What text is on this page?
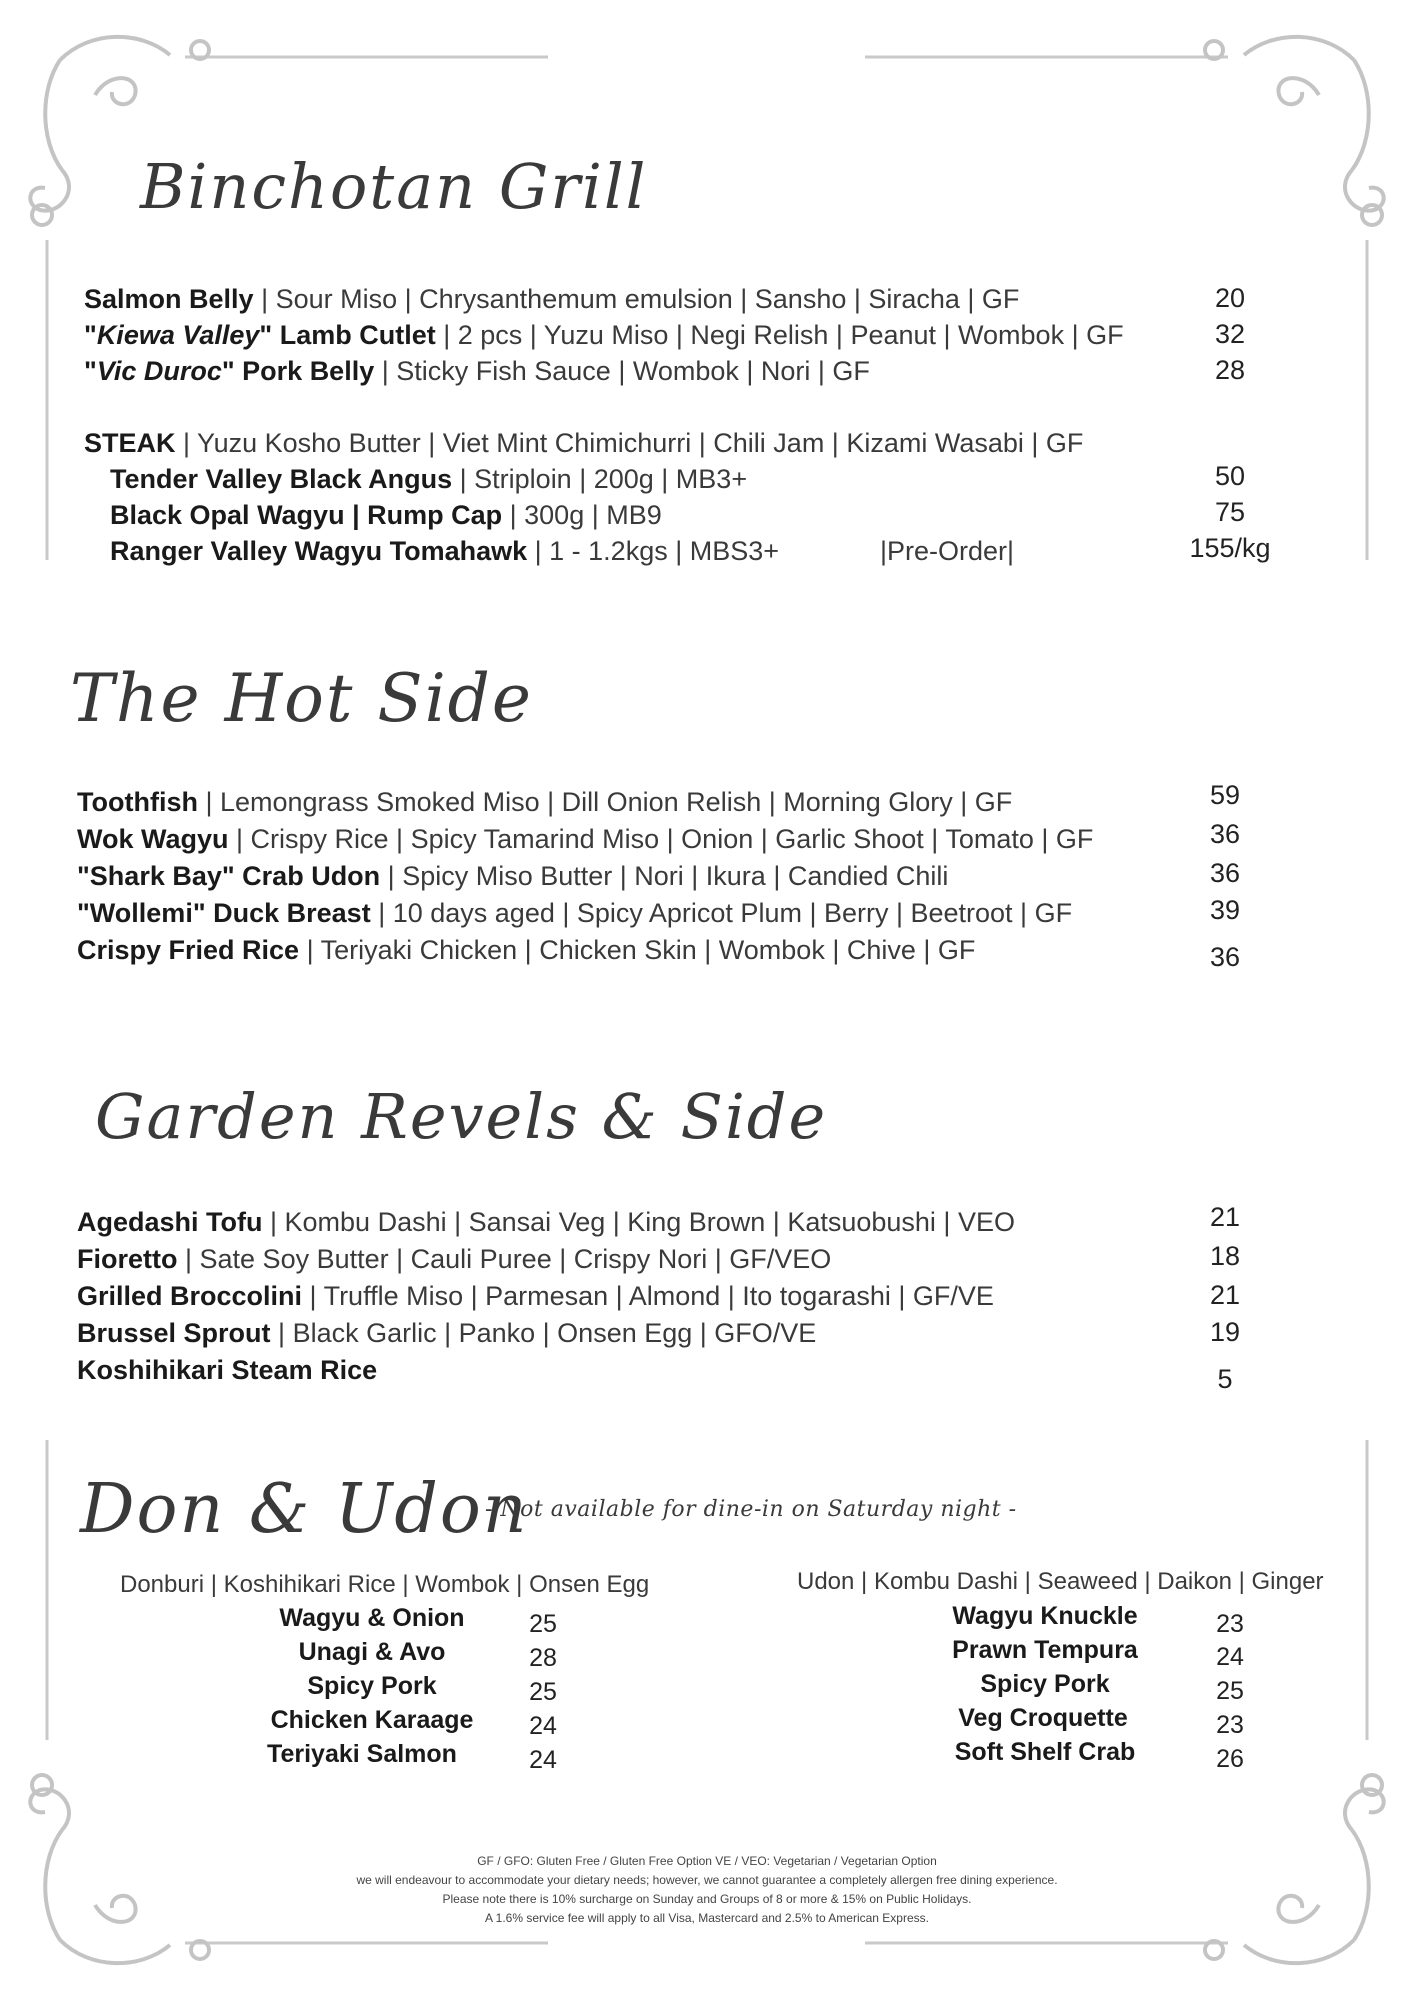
Binchotan Grill
Salmon Belly | Sour Miso | Chrysanthemum emulsion | Sansho | Siracha | GF	20
"Kiewa Valley" Lamb Cutlet | 2 pcs | Yuzu Miso | Negi Relish | Peanut | Wombok | GF	32
"Vic Duroc" Pork Belly | Sticky Fish Sauce | Wombok | Nori | GF	28
STEAK | Yuzu Kosho Butter | Viet Mint Chimichurri | Chili Jam | Kizami Wasabi | GF
Tender Valley Black Angus | Striploin | 200g | MB3+	50
Black Opal Wagyu | Rump Cap | 300g | MB9	75
Ranger Valley Wagyu Tomahawk | 1 - 1.2kgs | MBS3+	|Pre-Order|	155/kg
The Hot Side
Toothfish | Lemongrass Smoked Miso | Dill Onion Relish | Morning Glory | GF	59
Wok Wagyu | Crispy Rice | Spicy Tamarind Miso | Onion | Garlic Shoot | Tomato | GF	36
"Shark Bay" Crab Udon | Spicy Miso Butter | Nori | Ikura | Candied Chili	36
"Wollemi" Duck Breast | 10 days aged | Spicy Apricot Plum | Berry | Beetroot | GF	39
Crispy Fried Rice | Teriyaki Chicken | Chicken Skin | Wombok | Chive | GF	36
Garden Revels & Side
Agedashi Tofu | Kombu Dashi | Sansai Veg | King Brown | Katsuobushi | VEO	21
Fioretto | Sate Soy Butter | Cauli Puree | Crispy Nori | GF/VEO	18
Grilled Broccolini | Truffle Miso | Parmesan | Almond | Ito togarashi | GF/VE	21
Brussel Sprout | Black Garlic | Panko | Onsen Egg | GFO/VE	19
Koshihikari Steam Rice	5
Don & Udon
- Not available for dine-in on Saturday night -
Donburi | Koshihikari Rice | Wombok | Onsen Egg	Udon | Kombu Dashi | Seaweed | Daikon | Ginger
Wagyu & Onion	25
Unagi & Avo	28
Spicy Pork	25
Chicken Karaage	24
Teriyaki Salmon	24
Wagyu Knuckle	23
Prawn Tempura	24
Spicy Pork	25
Veg Croquette	23
Soft Shelf Crab	26
GF / GFO: Gluten Free / Gluten Free Option VE / VEO: Vegetarian / Vegetarian Option
we will endeavour to accommodate your dietary needs; however, we cannot guarantee a completely allergen free dining experience.
Please note there is 10% surcharge on Sunday and Groups of 8 or more & 15% on Public Holidays.
A 1.6% service fee will apply to all Visa, Mastercard and 2.5% to American Express.
